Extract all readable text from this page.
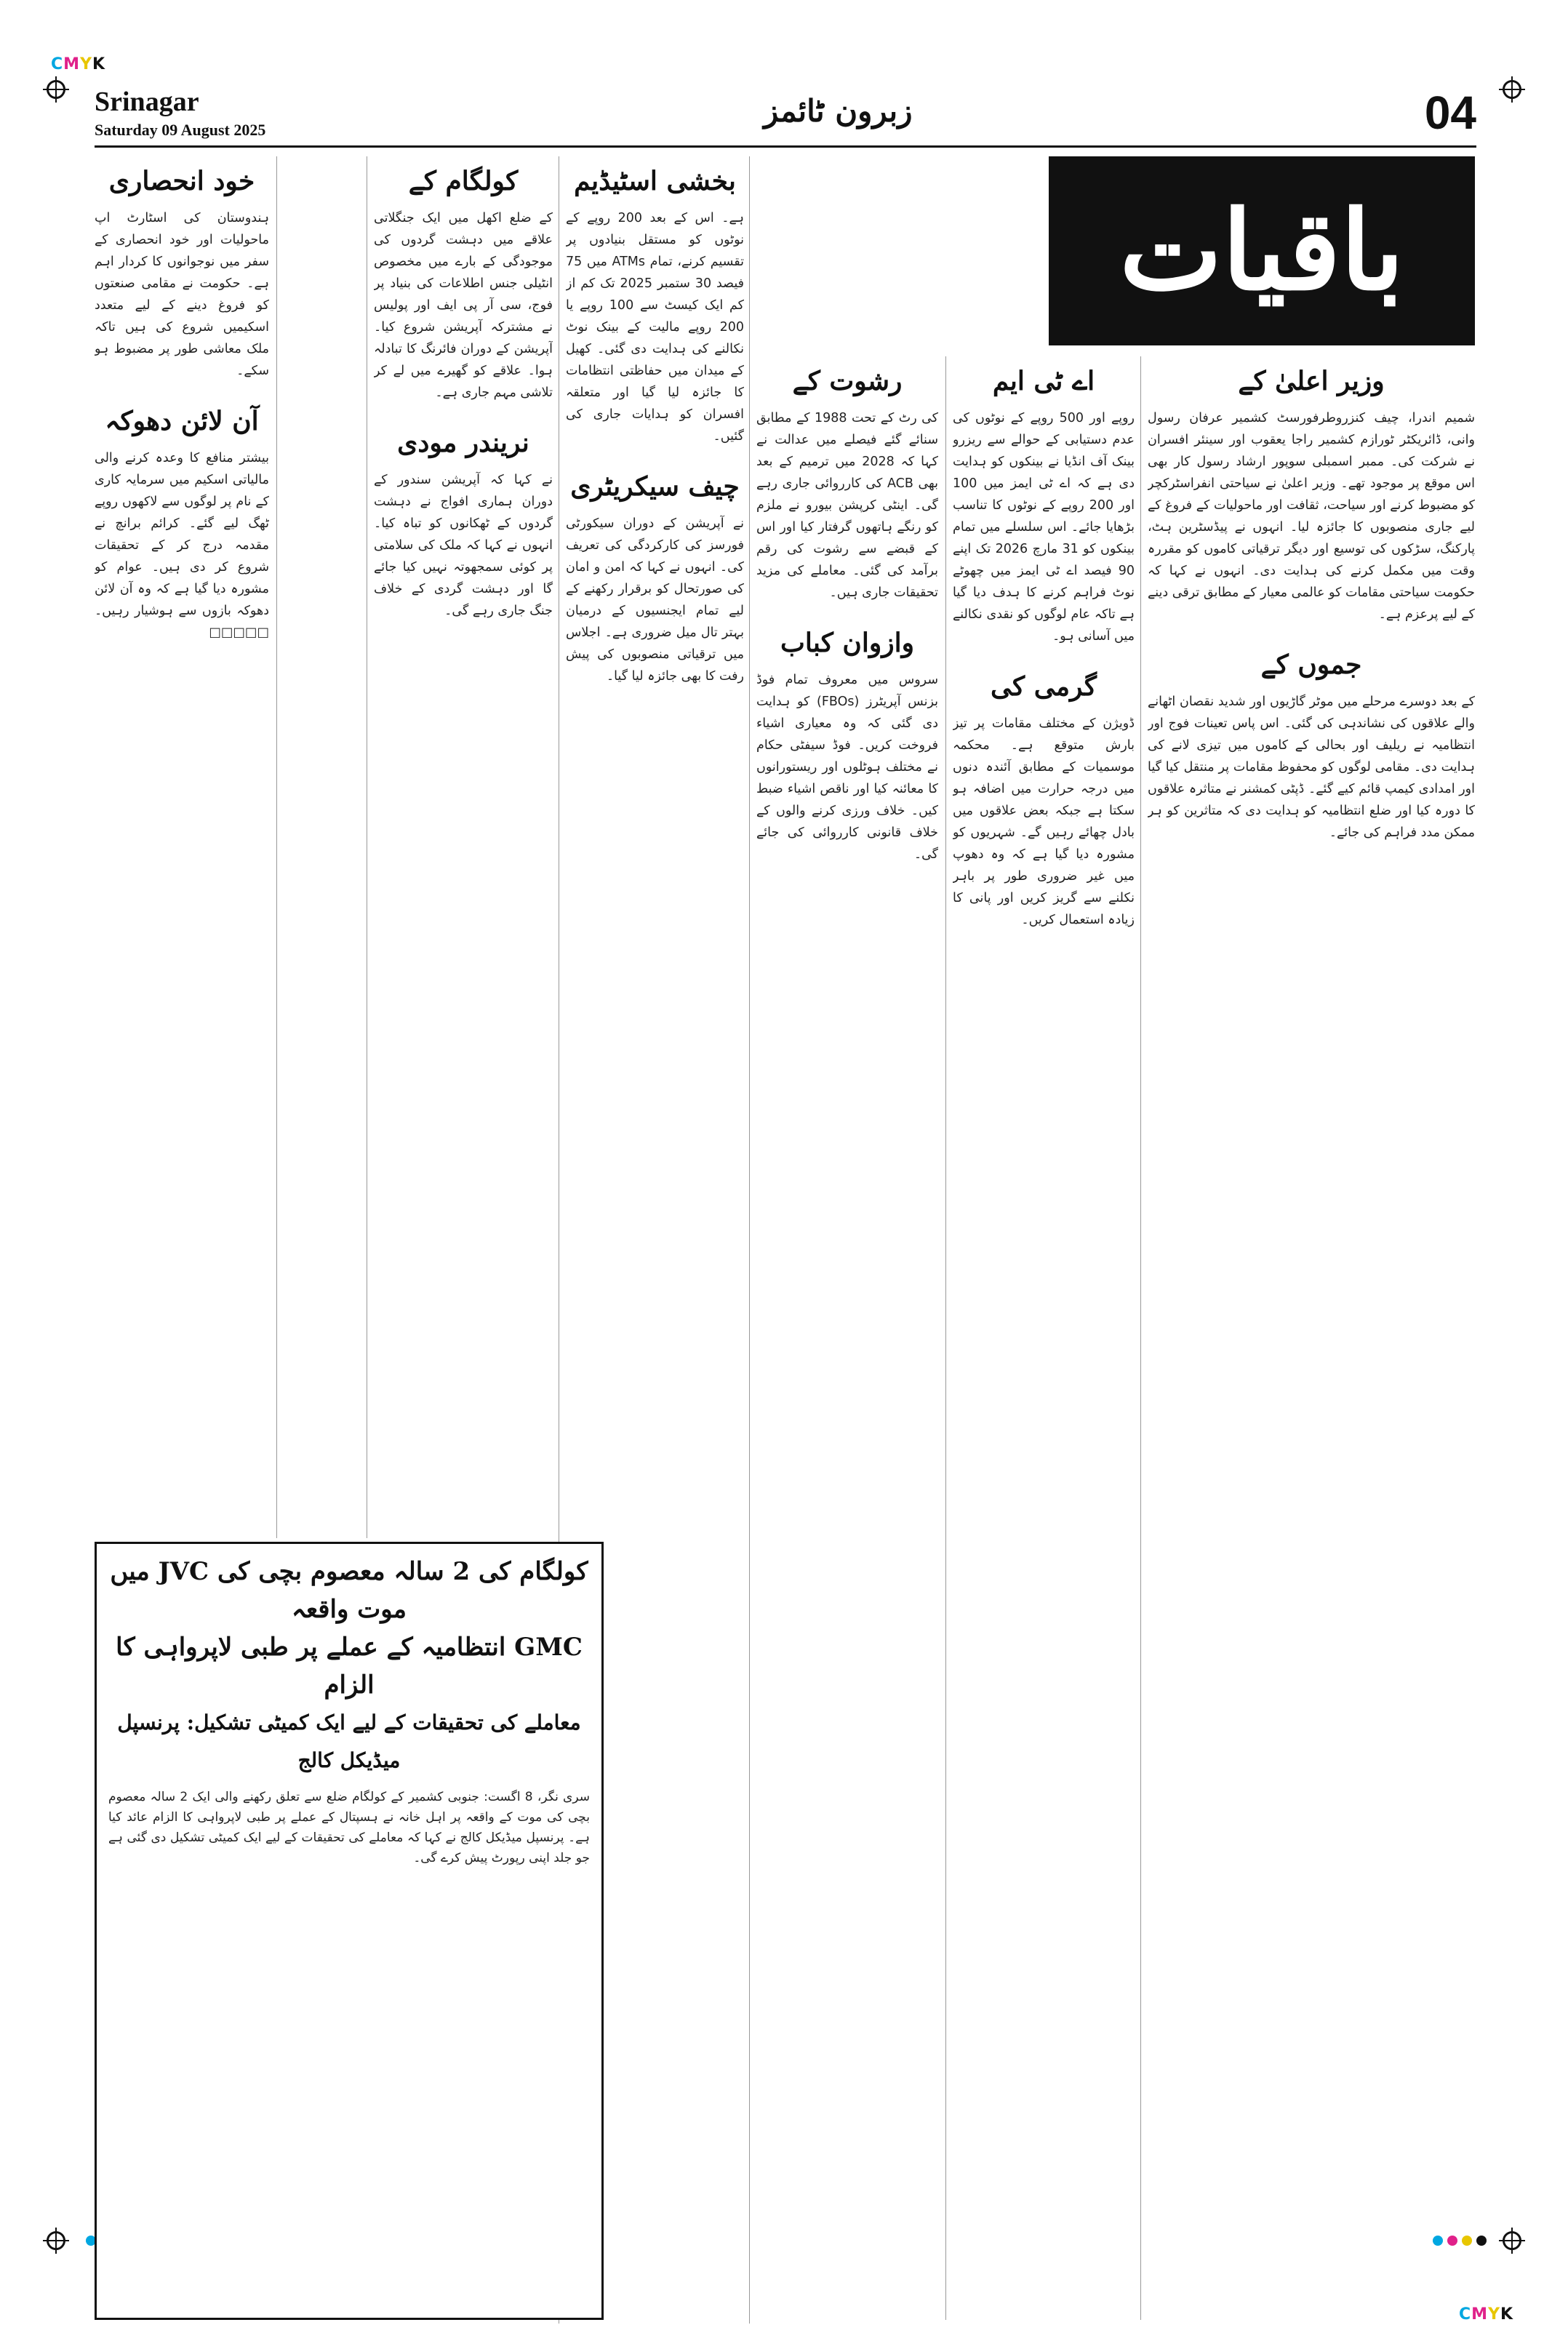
CMYK
CMYK
Srinagar
Saturday 09 August 2025
زبرون ٹائمز	04
باقیات
وزیر اعلیٰ کے
شمیم اندرا، چیف کنزروطرفورسٹ کشمیر عرفان رسول وانی، ڈائریکٹر ٹورازم کشمیر راجا یعقوب اور سینئر افسران نے شرکت کی۔ ممبر اسمبلی سوپور ارشاد رسول کار بھی اس موقع پر موجود تھے۔ وزیر اعلیٰ نے سیاحتی انفراسٹرکچر کو مضبوط کرنے اور سیاحت، ثقافت اور ماحولیات کے فروغ کے لیے جاری منصوبوں کا جائزہ لیا۔ انہوں نے پیڈسٹرین ہٹ، پارکنگ، سڑکوں کی توسیع اور دیگر ترقیاتی کاموں کو مقررہ وقت میں مکمل کرنے کی ہدایت دی۔ انہوں نے کہا کہ حکومت سیاحتی مقامات کو عالمی معیار کے مطابق ترقی دینے کے لیے پرعزم ہے۔
جموں کے
کے بعد دوسرے مرحلے میں موٹر گاڑیوں اور شدید نقصان اٹھانے والے علاقوں کی نشاندہی کی گئی۔ اس پاس تعینات فوج اور انتظامیہ نے ریلیف اور بحالی کے کاموں میں تیزی لانے کی ہدایت دی۔ مقامی لوگوں کو محفوظ مقامات پر منتقل کیا گیا اور امدادی کیمپ قائم کیے گئے۔ ڈپٹی کمشنر نے متاثرہ علاقوں کا دورہ کیا اور ضلع انتظامیہ کو ہدایت دی کہ متاثرین کو ہر ممکن مدد فراہم کی جائے۔
اے ٹی ایم
روپے اور 500 روپے کے نوٹوں کی عدم دستیابی کے حوالے سے ریزرو بینک آف انڈیا نے بینکوں کو ہدایت دی ہے کہ اے ٹی ایمز میں 100 اور 200 روپے کے نوٹوں کا تناسب بڑھایا جائے۔ اس سلسلے میں تمام بینکوں کو 31 مارچ 2026 تک اپنے 90 فیصد اے ٹی ایمز میں چھوٹے نوٹ فراہم کرنے کا ہدف دیا گیا ہے تاکہ عام لوگوں کو نقدی نکالنے میں آسانی ہو۔
گرمی کی
ڈویژن کے مختلف مقامات پر تیز بارش متوقع ہے۔ محکمہ موسمیات کے مطابق آئندہ دنوں میں درجہ حرارت میں اضافہ ہو سکتا ہے جبکہ بعض علاقوں میں بادل چھائے رہیں گے۔ شہریوں کو مشورہ دیا گیا ہے کہ وہ دھوپ میں غیر ضروری طور پر باہر نکلنے سے گریز کریں اور پانی کا زیادہ استعمال کریں۔
رشوت کے
کی رٹ کے تحت 1988 کے مطابق سنائے گئے فیصلے میں عدالت نے کہا کہ 2028 میں ترمیم کے بعد بھی ACB کی کارروائی جاری رہے گی۔ اینٹی کرپشن بیورو نے ملزم کو رنگے ہاتھوں گرفتار کیا اور اس کے قبضے سے رشوت کی رقم برآمد کی گئی۔ معاملے کی مزید تحقیقات جاری ہیں۔
وازوان کباب
سروس میں معروف تمام فوڈ بزنس آپریٹرز (FBOs) کو ہدایت دی گئی کہ وہ معیاری اشیاء فروخت کریں۔ فوڈ سیفٹی حکام نے مختلف ہوٹلوں اور ریستورانوں کا معائنہ کیا اور ناقص اشیاء ضبط کیں۔ خلاف ورزی کرنے والوں کے خلاف قانونی کارروائی کی جائے گی۔
بخشی اسٹیڈیم
ہے۔ اس کے بعد 200 روپے کے نوٹوں کو مستقل بنیادوں پر تقسیم کرنے، تمام ATMs میں 75 فیصد 30 ستمبر 2025 تک کم از کم ایک کیسٹ سے 100 روپے یا 200 روپے مالیت کے بینک نوٹ نکالنے کی ہدایت دی گئی۔ کھیل کے میدان میں حفاظتی انتظامات کا جائزہ لیا گیا اور متعلقہ افسران کو ہدایات جاری کی گئیں۔
چیف سیکریٹری
نے آپریشن کے دوران سیکورٹی فورسز کی کارکردگی کی تعریف کی۔ انہوں نے کہا کہ امن و امان کی صورتحال کو برقرار رکھنے کے لیے تمام ایجنسیوں کے درمیان بہتر تال میل ضروری ہے۔ اجلاس میں ترقیاتی منصوبوں کی پیش رفت کا بھی جائزہ لیا گیا۔
کولگام کے
کے ضلع اکھل میں ایک جنگلاتی علاقے میں دہشت گردوں کی موجودگی کے بارے میں مخصوص انٹیلی جنس اطلاعات کی بنیاد پر فوج، سی آر پی ایف اور پولیس نے مشترکہ آپریشن شروع کیا۔ آپریشن کے دوران فائرنگ کا تبادلہ ہوا۔ علاقے کو گھیرے میں لے کر تلاشی مہم جاری ہے۔
نریندر مودی
نے کہا کہ آپریشن سندور کے دوران ہماری افواج نے دہشت گردوں کے ٹھکانوں کو تباہ کیا۔ انہوں نے کہا کہ ملک کی سلامتی پر کوئی سمجھوتہ نہیں کیا جائے گا اور دہشت گردی کے خلاف جنگ جاری رہے گی۔
خود انحصاری
ہندوستان کی اسٹارٹ اپ ماحولیات اور خود انحصاری کے سفر میں نوجوانوں کا کردار اہم ہے۔ حکومت نے مقامی صنعتوں کو فروغ دینے کے لیے متعدد اسکیمیں شروع کی ہیں تاکہ ملک معاشی طور پر مضبوط ہو سکے۔
آن لائن دھوکہ
بیشتر منافع کا وعدہ کرنے والی مالیاتی اسکیم میں سرمایہ کاری کے نام پر لوگوں سے لاکھوں روپے ٹھگ لیے گئے۔ کرائم برانچ نے مقدمہ درج کر کے تحقیقات شروع کر دی ہیں۔ عوام کو مشورہ دیا گیا ہے کہ وہ آن لائن دھوکہ بازوں سے ہوشیار رہیں۔ □□□□□
کولگام کی 2 سالہ معصوم بچی کی JVC میں موت واقعہ
GMC انتظامیہ کے عملے پر طبی لاپرواہی کا الزام
معاملے کی تحقیقات کے لیے ایک کمیٹی تشکیل: پرنسپل میڈیکل کالج
سری نگر، 8 اگست: جنوبی کشمیر کے کولگام ضلع سے تعلق رکھنے والی ایک 2 سالہ معصوم بچی کی موت کے واقعہ پر اہل خانہ نے ہسپتال کے عملے پر طبی لاپرواہی کا الزام عائد کیا ہے۔ پرنسپل میڈیکل کالج نے کہا کہ معاملے کی تحقیقات کے لیے ایک کمیٹی تشکیل دی گئی ہے جو جلد اپنی رپورٹ پیش کرے گی۔
